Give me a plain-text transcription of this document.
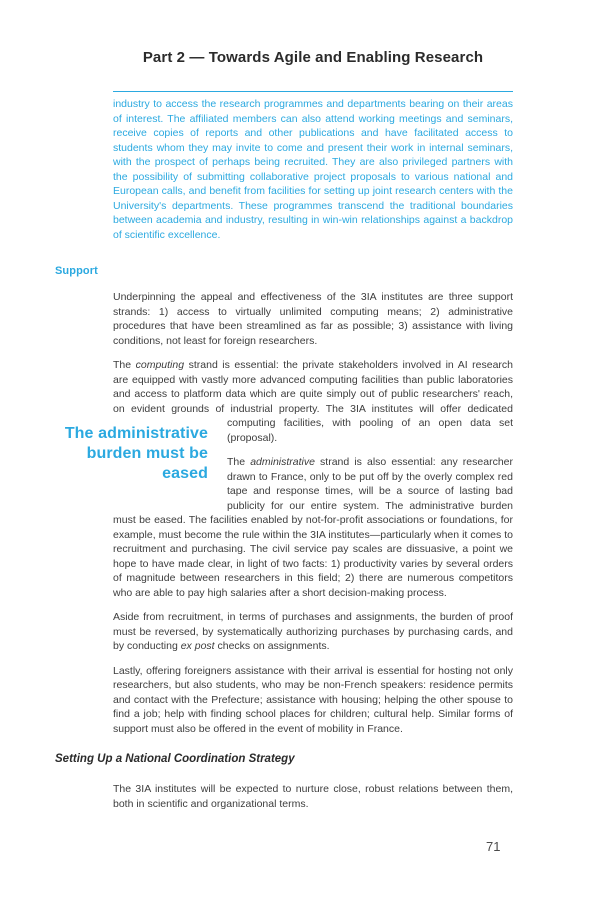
Part 2 — Towards Agile and Enabling Research

industry to access the research programmes and departments bearing on their areas of interest. The affiliated members can also attend working meetings and seminars, receive copies of reports and other publications and have facilitated access to students whom they may invite to come and present their work in internal seminars, with the prospect of perhaps being recruited. They are also privileged partners with the possibility of submitting collaborative project proposals to various national and European calls, and benefit from facilities for setting up joint research centers with the University's departments. These programmes transcend the traditional boundaries between academia and industry, resulting in win-win relationships against a backdrop of scientific excellence.

Support

Underpinning the appeal and effectiveness of the 3IA institutes are three support strands: 1) access to virtually unlimited computing means; 2) administrative procedures that have been streamlined as far as possible; 3) assistance with living conditions, not least for foreign researchers.

The computing strand is essential: the private stakeholders involved in AI research are equipped with vastly more advanced computing facilities than public laboratories and access to platform data which are quite simply out of public researchers' reach, on evident grounds of industrial property. The 3IA institutes will
offer dedicated computing facilities, with pooling of an open data set (proposal).

The administrative strand is also essential: any researcher drawn to France, only to be put off by the overly complex red tape and response times, will be a source of lasting bad publicity for our entire system. The administrative burden must be eased. The facilities enabled by not-for-profit associations or foundations, for example, must become the rule within the 3IA institutes—particularly when it comes to recruitment and purchasing. The civil service pay scales are dissuasive, a point we hope to have made clear, in light of two facts: 1) productivity varies by several orders of magnitude between researchers in this field; 2) there are numerous competitors who are able to pay high salaries after a short decision-making process.

Aside from recruitment, in terms of purchases and assignments, the burden of proof must be reversed, by systematically authorizing purchases by purchasing cards, and by conducting ex post checks on assignments.

Lastly, offering foreigners assistance with their arrival is essential for hosting not only researchers, but also students, who may be non-French speakers: residence permits and contact with the Prefecture; assistance with housing; helping the other spouse to find a job; help with finding school places for children; cultural help. Similar forms of support must also be offered in the event of mobility in France.

Setting Up a National Coordination Strategy

The 3IA institutes will be expected to nurture close, robust relations between them, both in scientific and organizational terms.

The administrative
burden must be
eased
71
